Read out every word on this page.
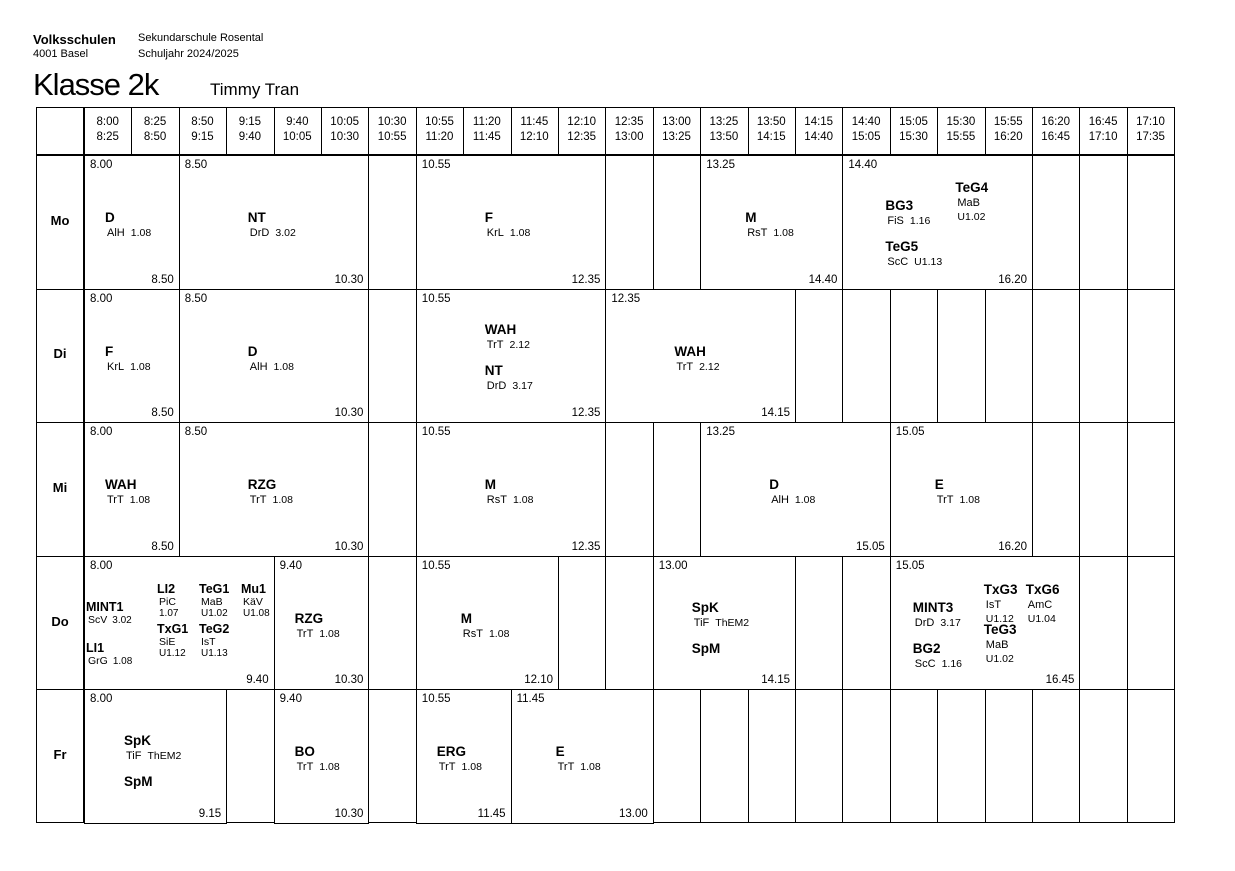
Volksschulen
4001 Basel
Sekundarschule Rosental
Schuljahr 2024/2025
Klasse 2k	Timmy Tran
8:00
8:25
8:25
8:50
8:50
9:15
9:15
9:40
9:40
10:05
10:05
10:30
10:30
10:55
10:55
11:20
11:20
11:45
11:45
12:10
12:10
12:35
12:35
13:00
13:00
13:25
13:25
13:50
13:50
14:15
14:15
14:40
14:40
15:05
15:05
15:30
15:30
15:55
15:55
16:20
16:20
16:45
16:45
17:10
17:10
17:35
Mo
Di
Mi
Do
Fr
8.00
8.50
D
AlH 1.08
8.50
10.30
NT
DrD 3.02
10.55
12.35
F
KrL 1.08
13.25
14.40
M
RsT 1.08
14.40
16.20
BG3
FiS 1.16
TeG4
MaB
U1.02
TeG5
ScC U1.13
8.00
8.50
F
KrL 1.08
8.50
10.30
D
AlH 1.08
10.55
12.35
WAH
TrT 2.12
NT
DrD 3.17
12.35
14.15
WAH
TrT 2.12
8.00
8.50
WAH
TrT 1.08
8.50
10.30
RZG
TrT 1.08
10.55
12.35
M
RsT 1.08
13.25
15.05
D
AlH 1.08
15.05
16.20
E
TrT 1.08
8.00
9.40
MINT1
ScV 3.02
LI1
GrG 1.08
LI2
PiC
1.07
TxG1
SiE
U1.12
TeG1
MaB
U1.02
TeG2
IsT
U1.13
Mu1
KäV
U1.08
9.40
10.30
RZG
TrT 1.08
10.55
12.10
M
RsT 1.08
13.00
14.15
SpK
TiF ThEM2
SpM
15.05
16.45
MINT3
DrD 3.17
BG2
ScC 1.16
TxG3
IsT
U1.12
TeG3
MaB
U1.02
TxG6
AmC
U1.04
8.00
9.15
SpK
TiF ThEM2
SpM
9.40
10.30
BO
TrT 1.08
10.55
11.45
ERG
TrT 1.08
11.45
13.00
E
TrT 1.08
